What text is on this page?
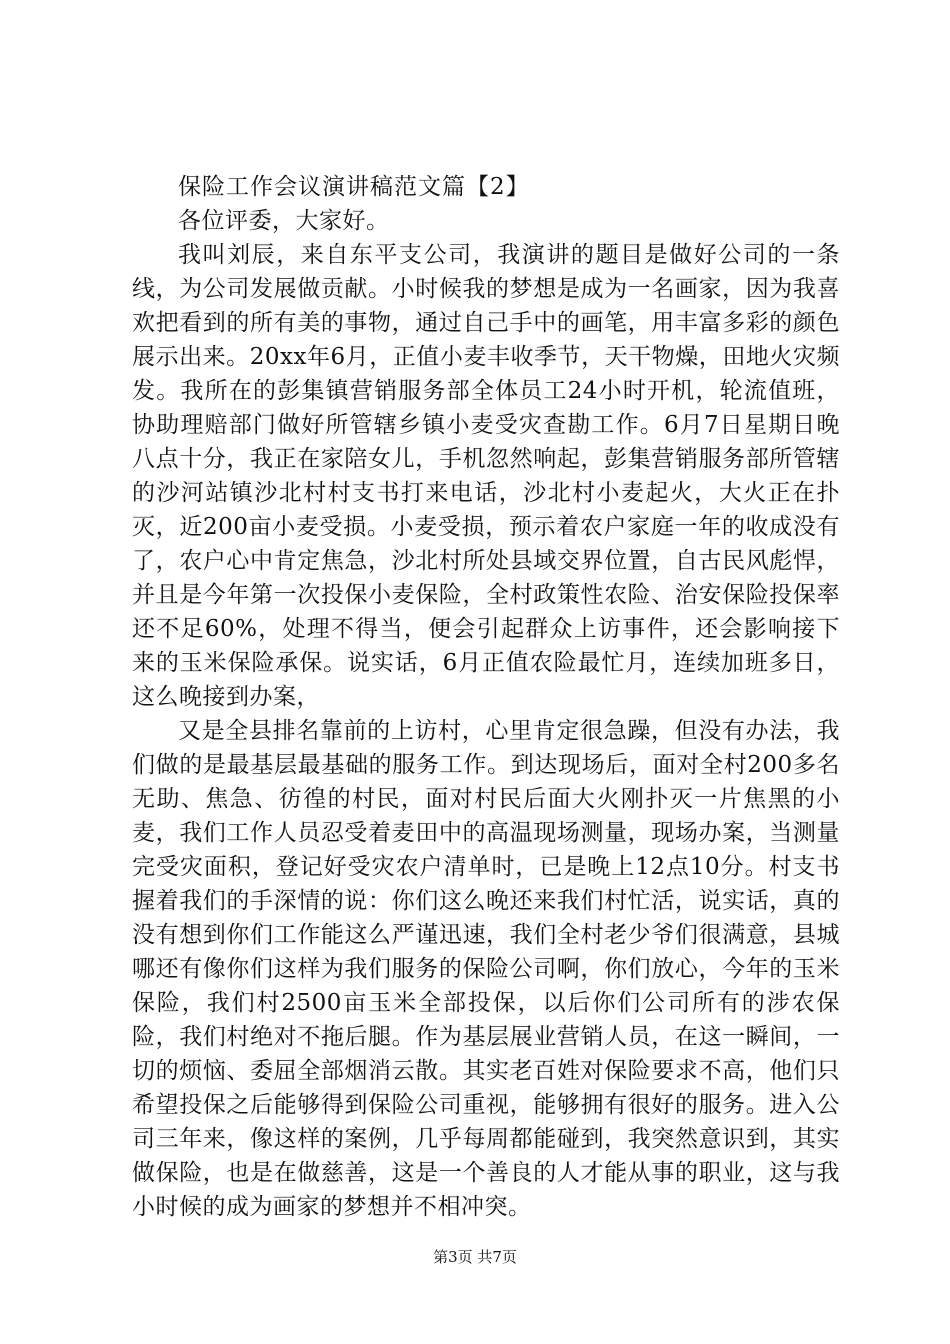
保险工作会议演讲稿范文篇【2】

各位评委，大家好。

我叫刘辰，来自东平支公司，我演讲的题目是做好公司的一条线，为公司发展做贡献。小时候我的梦想是成为一名画家，因为我喜欢把看到的所有美的事物，通过自己手中的画笔，用丰富多彩的颜色展示出来。20xx年6月，正值小麦丰收季节，天干物燥，田地火灾频发。我所在的彭集镇营销服务部全体员工24小时开机，轮流值班，协助理赔部门做好所管辖乡镇小麦受灾查勘工作。6月7日星期日晚八点十分，我正在家陪女儿，手机忽然响起，彭集营销服务部所管辖的沙河站镇沙北村村支书打来电话，沙北村小麦起火，大火正在扑灭，近200亩小麦受损。小麦受损，预示着农户家庭一年的收成没有了，农户心中肯定焦急，沙北村所处县域交界位置，自古民风彪悍，并且是今年第一次投保小麦保险，全村政策性农险、治安保险投保率还不足60%，处理不得当，便会引起群众上访事件，还会影响接下来的玉米保险承保。说实话，6月正值农险最忙月，连续加班多日，这么晚接到办案，

又是全县排名靠前的上访村，心里肯定很急躁，但没有办法，我们做的是最基层最基础的服务工作。到达现场后，面对全村200多名无助、焦急、彷徨的村民，面对村民后面大火刚扑灭一片焦黑的小麦，我们工作人员忍受着麦田中的高温现场测量，现场办案，当测量完受灾面积，登记好受灾农户清单时，已是晚上12点10分。村支书握着我们的手深情的说：你们这么晚还来我们村忙活，说实话，真的没有想到你们工作能这么严谨迅速，我们全村老少爷们很满意，县城哪还有像你们这样为我们服务的保险公司啊，你们放心，今年的玉米保险，我们村2500亩玉米全部投保，以后你们公司所有的涉农保险，我们村绝对不拖后腿。作为基层展业营销人员，在这一瞬间，一切的烦恼、委屈全部烟消云散。其实老百姓对保险要求不高，他们只希望投保之后能够得到保险公司重视，能够拥有很好的服务。进入公司三年来，像这样的案例，几乎每周都能碰到，我突然意识到，其实做保险，也是在做慈善，这是一个善良的人才能从事的职业，这与我小时候的成为画家的梦想并不相冲突。

第3页 共7页
